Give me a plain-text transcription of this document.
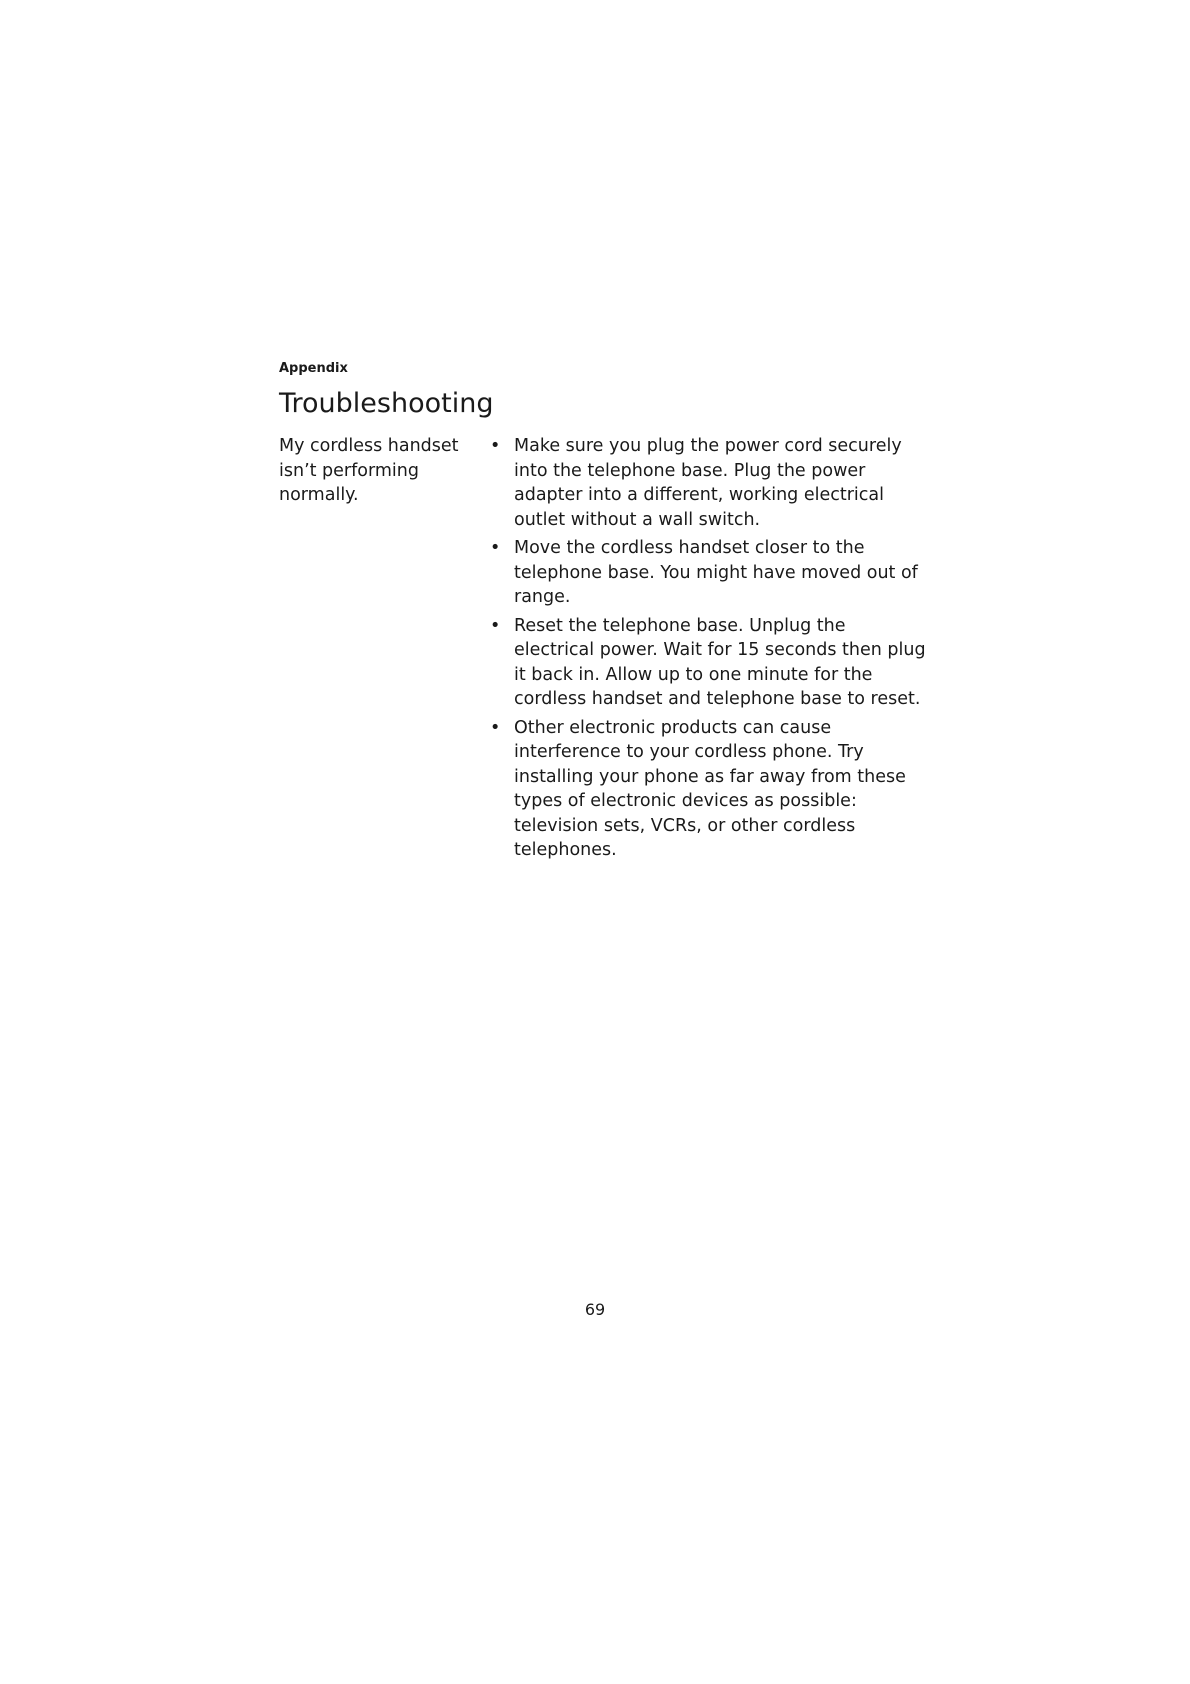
Appendix
Troubleshooting
My cordless handset isn’t performing normally.
• Make sure you plug the power cord securely into the telephone base. Plug the power adapter into a different, working electrical outlet without a wall switch.
• Move the cordless handset closer to the telephone base. You might have moved out of range.
• Reset the telephone base. Unplug the electrical power. Wait for 15 seconds then plug it back in. Allow up to one minute for the cordless handset and telephone base to reset.
• Other electronic products can cause interference to your cordless phone. Try installing your phone as far away from these types of electronic devices as possible: television sets, VCRs, or other cordless telephones.
69
